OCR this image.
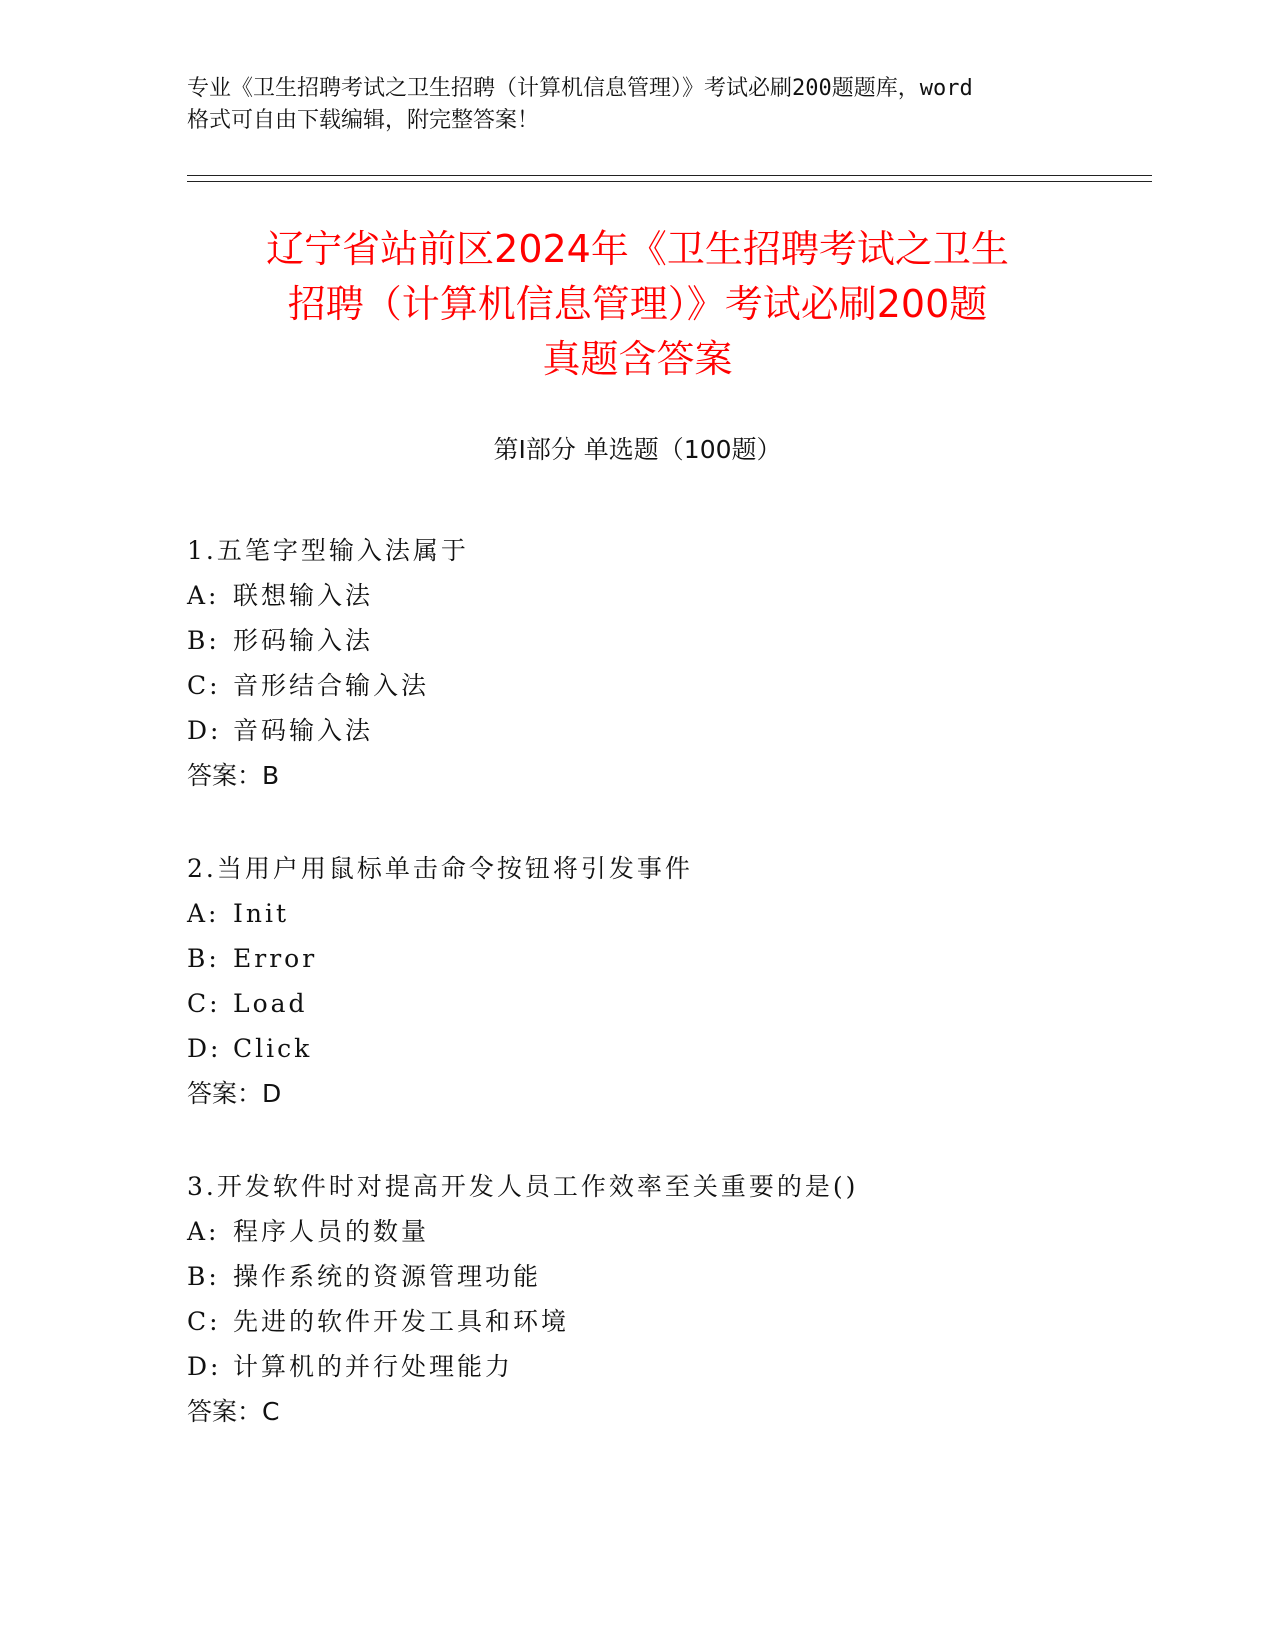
专业《卫生招聘考试之卫生招聘（计算机信息管理）》考试必刷200题题库，word
格式可自由下载编辑，附完整答案！
辽宁省站前区2024年《卫生招聘考试之卫生
招聘（计算机信息管理）》考试必刷200题
真题含答案
第Ⅰ部分 单选题（100题）
1.五笔字型输入法属于
A: 联想输入法
B: 形码输入法
C: 音形结合输入法
D: 音码输入法
答案：B
2.当用户用鼠标单击命令按钮将引发事件
A: Init
B: Error
C: Load
D: Click
答案：D
3.开发软件时对提高开发人员工作效率至关重要的是()
A: 程序人员的数量
B: 操作系统的资源管理功能
C: 先进的软件开发工具和环境
D: 计算机的并行处理能力
答案：C
